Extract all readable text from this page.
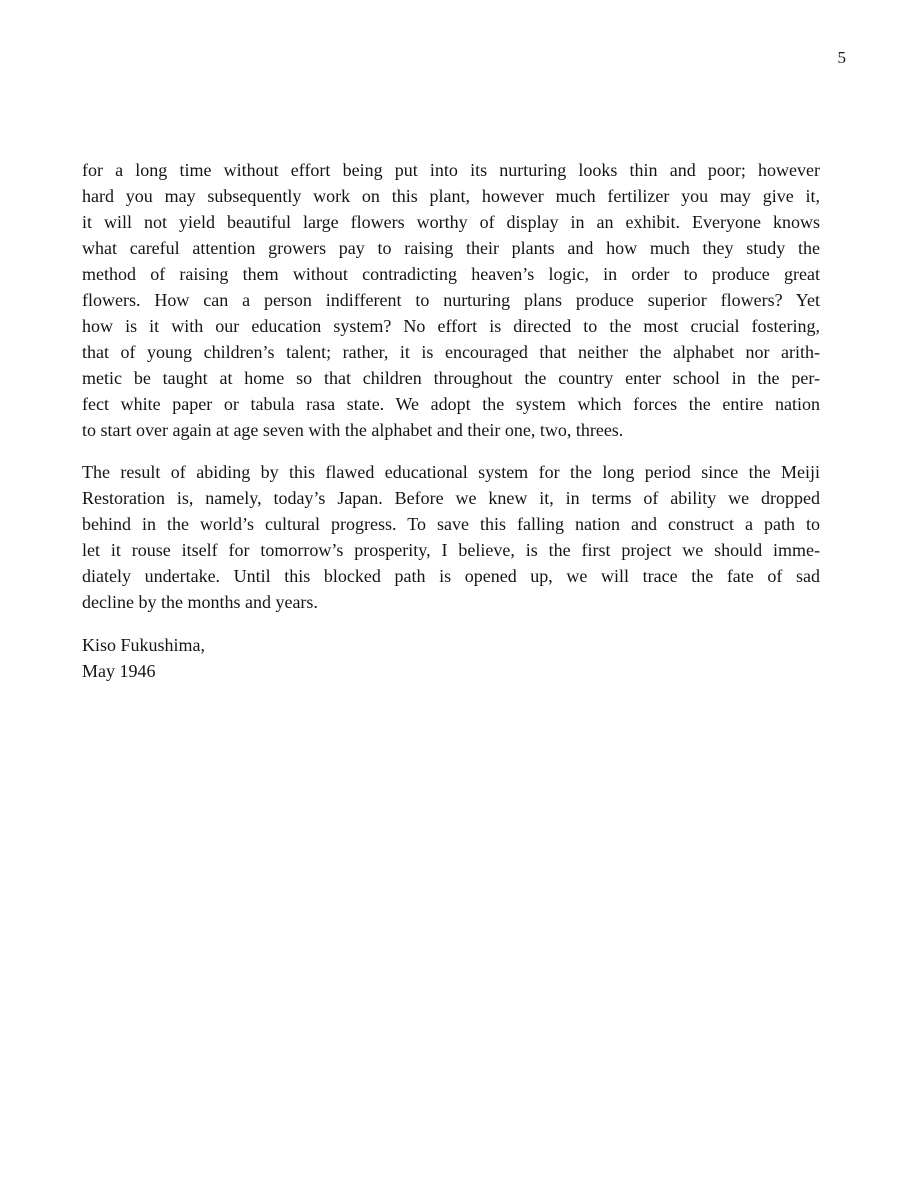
5
for a long time without effort being put into its nurturing looks thin and poor; however
hard you may subsequently work on this plant, however much fertilizer you may give it,
it will not yield beautiful large flowers worthy of display in an exhibit. Everyone knows
what careful attention growers pay to raising their plants and how much they study the
method of raising them without contradicting heaven’s logic, in order to produce great
flowers. How can a person indifferent to nurturing plans produce superior flowers? Yet
how is it with our education system? No effort is directed to the most crucial fostering,
that of young children’s talent; rather, it is encouraged that neither the alphabet nor arith-
metic be taught at home so that children throughout the country enter school in the per-
fect white paper or tabula rasa state. We adopt the system which forces the entire nation
to start over again at age seven with the alphabet and their one, two, threes.
The result of abiding by this flawed educational system for the long period since the Meiji
Restoration is, namely, today’s Japan. Before we knew it, in terms of ability we dropped
behind in the world’s cultural progress. To save this falling nation and construct a path to
let it rouse itself for tomorrow’s prosperity, I believe, is the first project we should imme-
diately undertake. Until this blocked path is opened up, we will trace the fate of sad
decline by the months and years.
Kiso Fukushima,
May 1946
